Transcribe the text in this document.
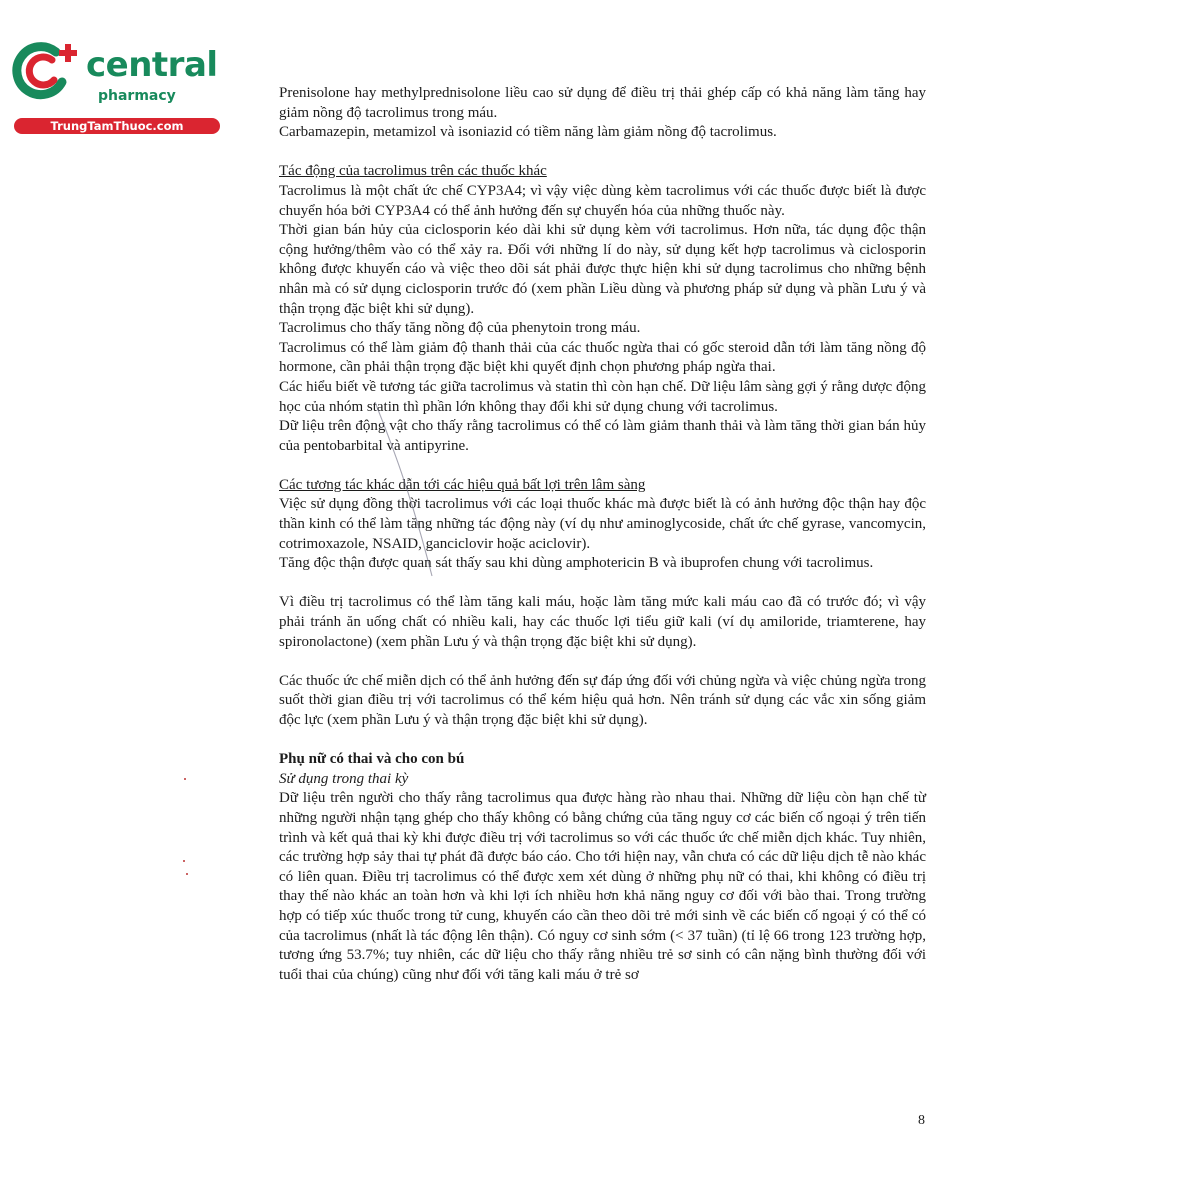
central
pharmacy
TrungTamThuoc.com

Prenisolone hay methylprednisolone liều cao sử dụng để điều trị thải ghép cấp có khả năng làm tăng hay giảm nồng độ tacrolimus trong máu.

Carbamazepin, metamizol và isoniazid có tiềm năng làm giảm nồng độ tacrolimus.

Tác động của tacrolimus trên các thuốc khác

Tacrolimus là một chất ức chế CYP3A4; vì vậy việc dùng kèm tacrolimus với các thuốc được biết là được chuyển hóa bởi CYP3A4 có thể ảnh hưởng đến sự chuyển hóa của những thuốc này.

Thời gian bán hủy của ciclosporin kéo dài khi sử dụng kèm với tacrolimus. Hơn nữa, tác dụng độc thận cộng hưởng/thêm vào có thể xảy ra. Đối với những lí do này, sử dụng kết hợp tacrolimus và ciclosporin không được khuyến cáo và việc theo dõi sát phải được thực hiện khi sử dụng tacrolimus cho những bệnh nhân mà có sử dụng ciclosporin trước đó (xem phần Liều dùng và phương pháp sử dụng và phần Lưu ý và thận trọng đặc biệt khi sử dụng).

Tacrolimus cho thấy tăng nồng độ của phenytoin trong máu.

Tacrolimus có thể làm giảm độ thanh thải của các thuốc ngừa thai có gốc steroid dẫn tới làm tăng nồng độ hormone, cần phải thận trọng đặc biệt khi quyết định chọn phương pháp ngừa thai.

Các hiểu biết về tương tác giữa tacrolimus và statin thì còn hạn chế. Dữ liệu lâm sàng gợi ý rằng dược động học của nhóm statin thì phần lớn không thay đổi khi sử dụng chung với tacrolimus.

Dữ liệu trên động vật cho thấy rằng tacrolimus có thể có làm giảm thanh thải và làm tăng thời gian bán hủy của pentobarbital và antipyrine.

Các tương tác khác dẫn tới các hiệu quả bất lợi trên lâm sàng

Việc sử dụng đồng thời tacrolimus với các loại thuốc khác mà được biết là có ảnh hưởng độc thận hay độc thần kinh có thể làm tăng những tác động này (ví dụ như aminoglycoside, chất ức chế gyrase, vancomycin, cotrimoxazole, NSAID, ganciclovir hoặc aciclovir).

Tăng độc thận được quan sát thấy sau khi dùng amphotericin B và ibuprofen chung với tacrolimus.

Vì điều trị tacrolimus có thể làm tăng kali máu, hoặc làm tăng mức kali máu cao đã có trước đó; vì vậy phải tránh ăn uống chất có nhiều kali, hay các thuốc lợi tiểu giữ kali (ví dụ amiloride, triamterene, hay spironolactone) (xem phần Lưu ý và thận trọng đặc biệt khi sử dụng).

Các thuốc ức chế miễn dịch có thể ảnh hưởng đến sự đáp ứng đối với chủng ngừa và việc chủng ngừa trong suốt thời gian điều trị với tacrolimus có thể kém hiệu quả hơn. Nên tránh sử dụng các vắc xin sống giảm độc lực (xem phần Lưu ý và thận trọng đặc biệt khi sử dụng).

Phụ nữ có thai và cho con bú

Sử dụng trong thai kỳ

Dữ liệu trên người cho thấy rằng tacrolimus qua được hàng rào nhau thai. Những dữ liệu còn hạn chế từ những người nhận tạng ghép cho thấy không có bằng chứng của tăng nguy cơ các biến cố ngoại ý trên tiến trình và kết quả thai kỳ khi được điều trị với tacrolimus so với các thuốc ức chế miễn dịch khác. Tuy nhiên, các trường hợp sảy thai tự phát đã được báo cáo. Cho tới hiện nay, vẫn chưa có các dữ liệu dịch tễ nào khác có liên quan. Điều trị tacrolimus có thể được xem xét dùng ở những phụ nữ có thai, khi không có điều trị thay thế nào khác an toàn hơn và khi lợi ích nhiều hơn khả năng nguy cơ đối với bào thai. Trong trường hợp có tiếp xúc thuốc trong tử cung, khuyến cáo cần theo dõi trẻ mới sinh về các biến cố ngoại ý có thể có của tacrolimus (nhất là tác động lên thận). Có nguy cơ sinh sớm (< 37 tuần) (tỉ lệ 66 trong 123 trường hợp, tương ứng 53.7%; tuy nhiên, các dữ liệu cho thấy rằng nhiều trẻ sơ sinh có cân nặng bình thường đối với tuổi thai của chúng) cũng như đối với tăng kali máu ở trẻ sơ

8
